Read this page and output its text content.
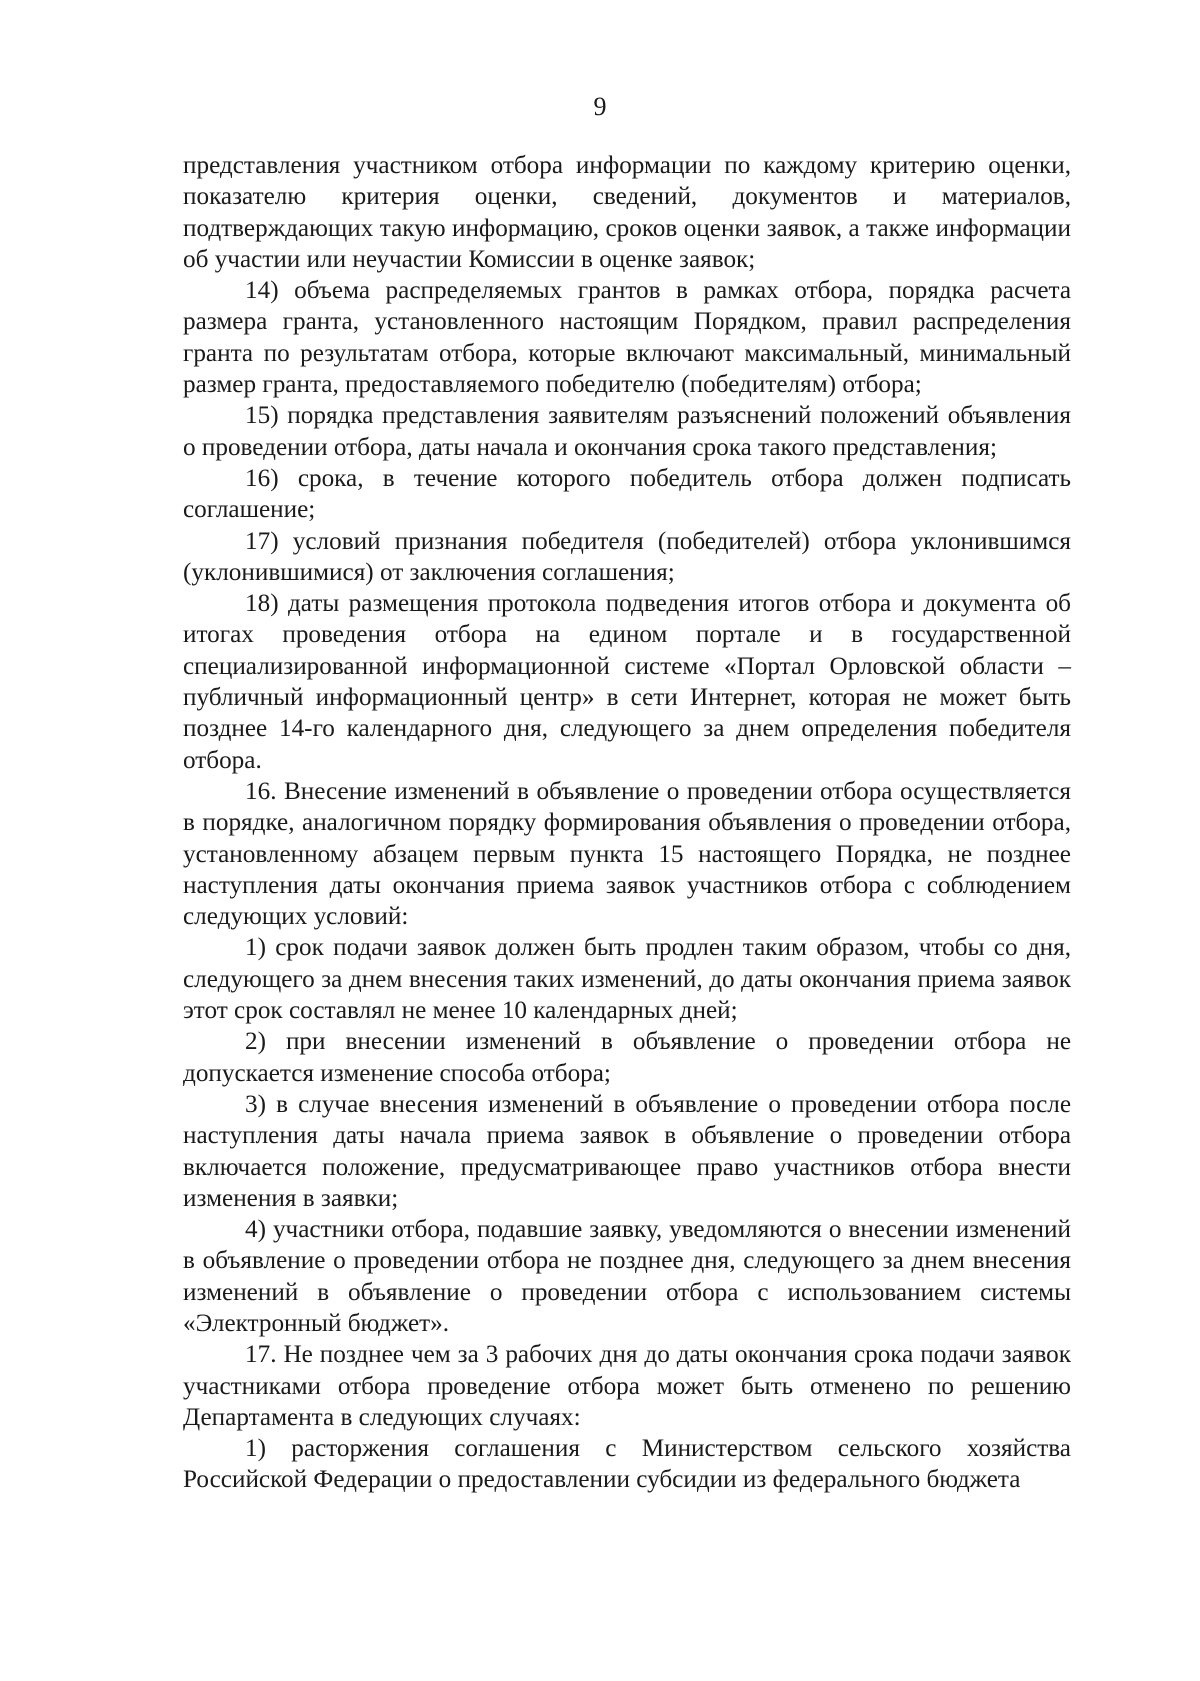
9

представления участником отбора информации по каждому критерию оценки, показателю критерия оценки, сведений, документов и материалов, подтверждающих такую информацию, сроков оценки заявок, а также информации об участии или неучастии Комиссии в оценке заявок;

14) объема распределяемых грантов в рамках отбора, порядка расчета размера гранта, установленного настоящим Порядком, правил распределения гранта по результатам отбора, которые включают максимальный, минимальный размер гранта, предоставляемого победителю (победителям) отбора;

15) порядка представления заявителям разъяснений положений объявления о проведении отбора, даты начала и окончания срока такого представления;

16) срока, в течение которого победитель отбора должен подписать соглашение;

17) условий признания победителя (победителей) отбора уклонившимся (уклонившимися) от заключения соглашения;

18) даты размещения протокола подведения итогов отбора и документа об итогах проведения отбора на едином портале и в государственной специализированной информационной системе «Портал Орловской области – публичный информационный центр» в сети Интернет, которая не может быть позднее 14-го календарного дня, следующего за днем определения победителя отбора.

16. Внесение изменений в объявление о проведении отбора осуществляется в порядке, аналогичном порядку формирования объявления о проведении отбора, установленному абзацем первым пункта 15 настоящего Порядка, не позднее наступления даты окончания приема заявок участников отбора с соблюдением следующих условий:

1) срок подачи заявок должен быть продлен таким образом, чтобы со дня, следующего за днем внесения таких изменений, до даты окончания приема заявок этот срок составлял не менее 10 календарных дней;

2) при внесении изменений в объявление о проведении отбора не допускается изменение способа отбора;

3) в случае внесения изменений в объявление о проведении отбора после наступления даты начала приема заявок в объявление о проведении отбора включается положение, предусматривающее право участников отбора внести изменения в заявки;

4) участники отбора, подавшие заявку, уведомляются о внесении изменений в объявление о проведении отбора не позднее дня, следующего за днем внесения изменений в объявление о проведении отбора с использованием системы «Электронный бюджет».

17. Не позднее чем за 3 рабочих дня до даты окончания срока подачи заявок участниками отбора проведение отбора может быть отменено по решению Департамента в следующих случаях:

1) расторжения соглашения с Министерством сельского хозяйства Российской Федерации о предоставлении субсидии из федерального бюджета
